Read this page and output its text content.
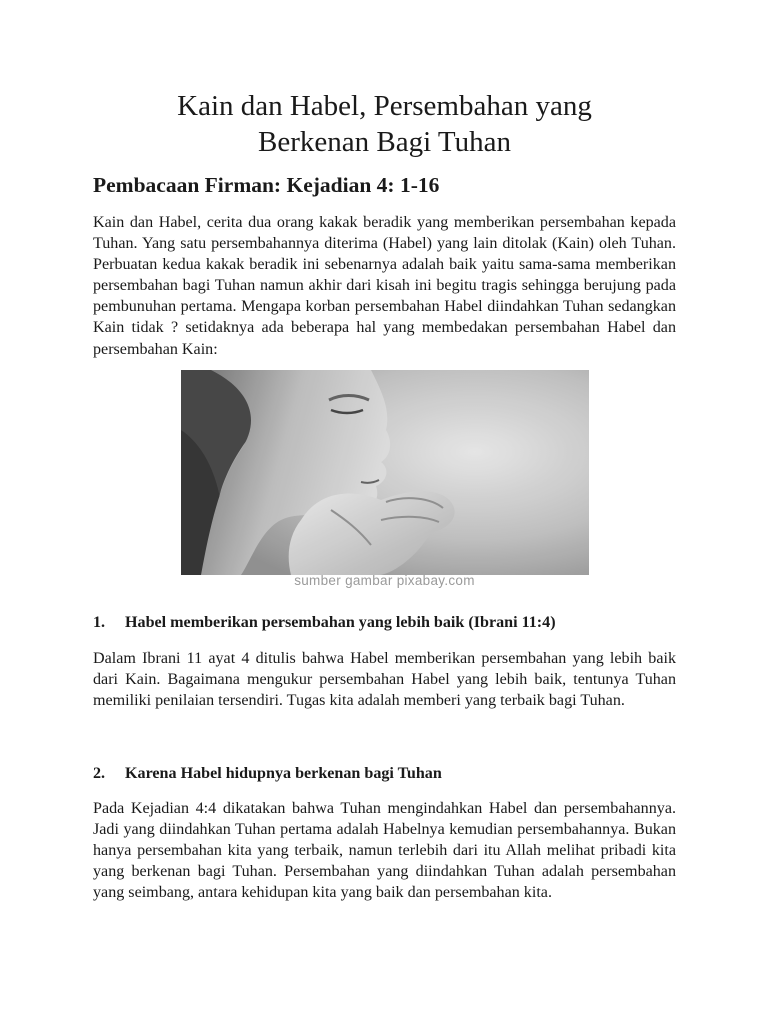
Kain dan Habel, Persembahan yang
Berkenan Bagi Tuhan
Pembacaan Firman: Kejadian 4: 1-16

Kain dan Habel, cerita dua orang kakak beradik yang memberikan persembahan kepada Tuhan. Yang satu persembahannya diterima (Habel) yang lain ditolak (Kain) oleh Tuhan. Perbuatan kedua kakak beradik ini sebenarnya adalah baik yaitu sama-sama memberikan persembahan bagi Tuhan namun akhir dari kisah ini begitu tragis sehingga berujung pada pembunuhan pertama. Mengapa korban persembahan Habel diindahkan Tuhan sedangkan Kain tidak ? setidaknya ada beberapa hal yang membedakan persembahan Habel dan persembahan Kain:

sumber gambar pixabay.com
1. Habel memberikan persembahan yang lebih baik (Ibrani 11:4)

Dalam Ibrani 11 ayat 4 ditulis bahwa Habel memberikan persembahan yang lebih baik dari Kain. Bagaimana mengukur persembahan Habel yang lebih baik, tentunya Tuhan memiliki penilaian tersendiri. Tugas kita adalah memberi yang terbaik bagi Tuhan.

2. Karena Habel hidupnya berkenan bagi Tuhan

Pada Kejadian 4:4 dikatakan bahwa Tuhan mengindahkan Habel dan persembahannya. Jadi yang diindahkan Tuhan pertama adalah Habelnya kemudian persembahannya. Bukan hanya persembahan kita yang terbaik, namun terlebih dari itu Allah melihat pribadi kita yang berkenan bagi Tuhan. Persembahan yang diindahkan Tuhan adalah persembahan yang seimbang, antara kehidupan kita yang baik dan persembahan kita.
